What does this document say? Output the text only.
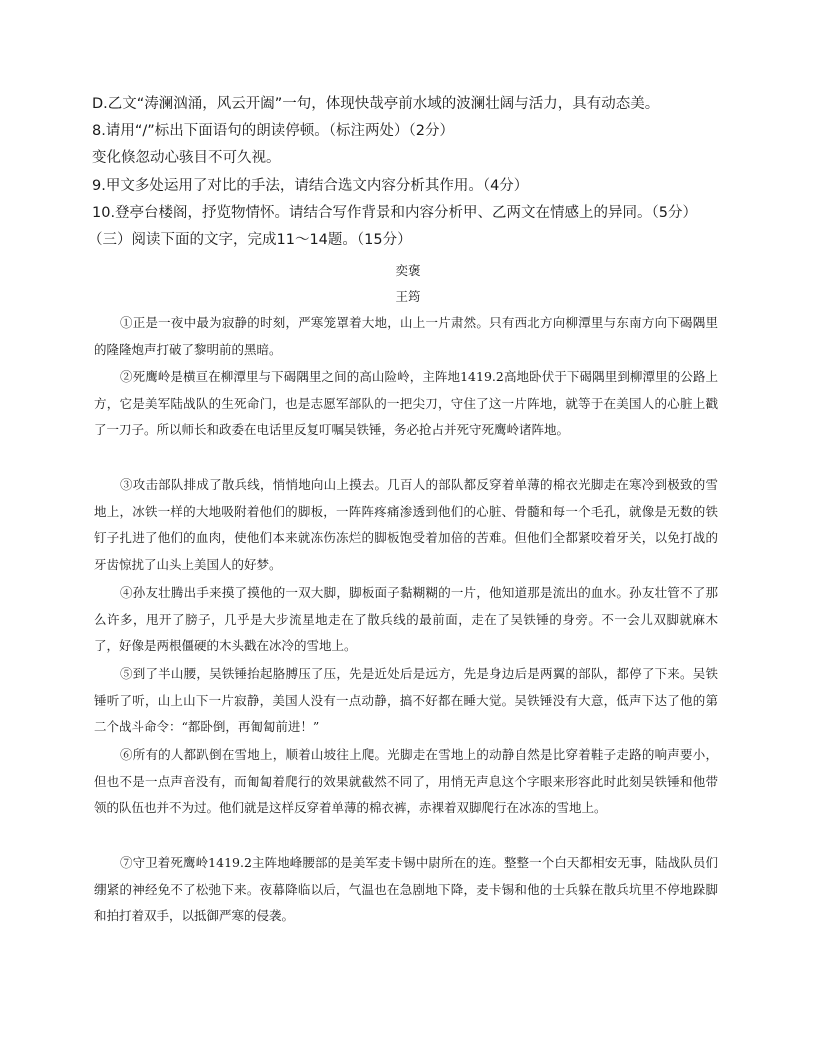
D.乙文“涛澜汹涌，风云开阖”一句，体现快哉亭前水域的波澜壮阔与活力，具有动态美。
8.请用“/”标出下面语句的朗读停顿。（标注两处）（2分）
变化倏忽动心骇目不可久视。
9.甲文多处运用了对比的手法，请结合选文内容分析其作用。（4分）
10.登亭台楼阁，抒览物情怀。请结合写作背景和内容分析甲、乙两文在情感上的异同。（5分）
（三）阅读下面的文字，完成11～14题。（15分）
奕褒
王筠

①正是一夜中最为寂静的时刻，严寒笼罩着大地，山上一片肃然。只有西北方向柳潭里与东南方向下碣隅里的隆隆炮声打破了黎明前的黑暗。

②死鹰岭是横亘在柳潭里与下碣隅里之间的高山险岭，主阵地1419.2高地卧伏于下碣隅里到柳潭里的公路上方，它是美军陆战队的生死命门，也是志愿军部队的一把尖刀，守住了这一片阵地，就等于在美国人的心脏上戳了一刀子。所以师长和政委在电话里反复叮嘱吴铁锤，务必抢占并死守死鹰岭诸阵地。

③攻击部队排成了散兵线，悄悄地向山上摸去。几百人的部队都反穿着单薄的棉衣光脚走在寒冷到极致的雪地上，冰铁一样的大地吸附着他们的脚板，一阵阵疼痛渗透到他们的心脏、骨髓和每一个毛孔，就像是无数的铁钉子扎进了他们的血肉，使他们本来就冻伤冻烂的脚板饱受着加倍的苦难。但他们全都紧咬着牙关，以免打战的牙齿惊扰了山头上美国人的好梦。

④孙友壮腾出手来摸了摸他的一双大脚，脚板面子黏糊糊的一片，他知道那是流出的血水。孙友壮管不了那么许多，甩开了膀子，几乎是大步流星地走在了散兵线的最前面，走在了吴铁锤的身旁。不一会儿双脚就麻木了，好像是两根僵硬的木头戳在冰冷的雪地上。

⑤到了半山腰，吴铁锤抬起胳膊压了压，先是近处后是远方，先是身边后是两翼的部队，都停了下来。吴铁锤听了听，山上山下一片寂静，美国人没有一点动静，搞不好都在睡大觉。吴铁锤没有大意，低声下达了他的第二个战斗命令：“都卧倒，再匍匐前进！”

⑥所有的人都趴倒在雪地上，顺着山坡往上爬。光脚走在雪地上的动静自然是比穿着鞋子走路的响声要小，但也不是一点声音没有，而匍匐着爬行的效果就截然不同了，用悄无声息这个字眼来形容此时此刻吴铁锤和他带领的队伍也并不为过。他们就是这样反穿着单薄的棉衣裤，赤裸着双脚爬行在冰冻的雪地上。

⑦守卫着死鹰岭1419.2主阵地峰腰部的是美军麦卡锡中尉所在的连。整整一个白天都相安无事，陆战队员们绷紧的神经免不了松弛下来。夜幕降临以后，气温也在急剧地下降，麦卡锡和他的士兵躲在散兵坑里不停地跺脚和拍打着双手，以抵御严寒的侵袭。
